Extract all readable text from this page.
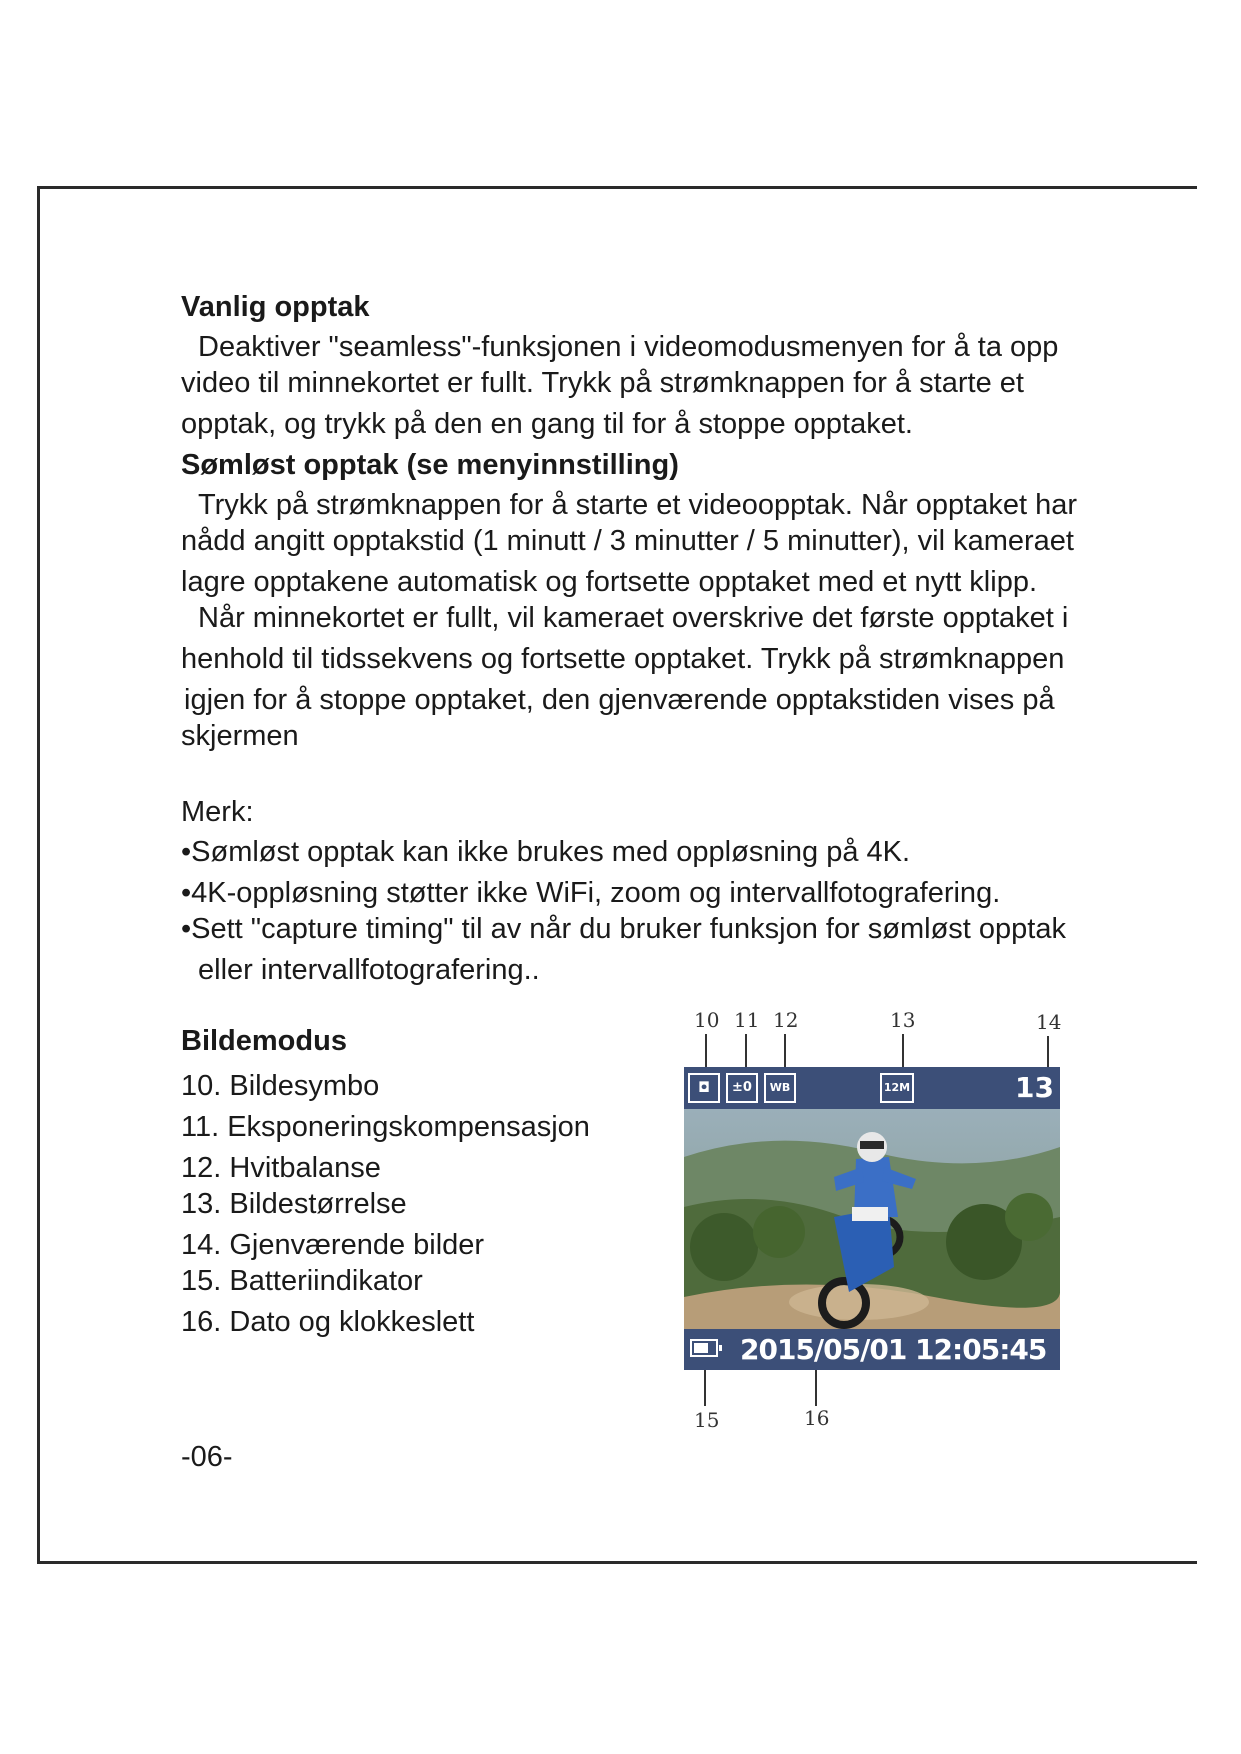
Vanlig opptak
Deaktiver "seamless"-funksjonen i videomodusmenyen for å ta opp
video til minnekortet er fullt. Trykk på strømknappen for å starte et
opptak, og trykk på den en gang til for å stoppe opptaket.
Sømløst opptak (se menyinnstilling)
Trykk på strømknappen for å starte et videoopptak. Når opptaket har
nådd angitt opptakstid (1 minutt / 3 minutter / 5 minutter), vil kameraet
lagre opptakene automatisk og fortsette opptaket med et nytt klipp.
Når minnekortet er fullt, vil kameraet overskrive det første opptaket i
henhold til tidssekvens og fortsette opptaket. Trykk på strømknappen
igjen for å stoppe opptaket, den gjenværende opptakstiden vises på
skjermen
Merk:
•Sømløst opptak kan ikke brukes med oppløsning på 4K.
•4K-oppløsning støtter ikke WiFi, zoom og intervallfotografering.
•Sett "capture timing" til av når du bruker funksjon for sømløst opptak
eller intervallfotografering..
Bildemodus
10. Bildesymbo
11. Eksponeringskompensasjon
12. Hvitbalanse
13. Bildestørrelse
14. Gjenværende bilder
15. Batteriindikator
16. Dato og klokkeslett
10 11 12	13	14
◘	±0	WB	12M	13
2015/05/01 12:05:45
15	16
-06-
